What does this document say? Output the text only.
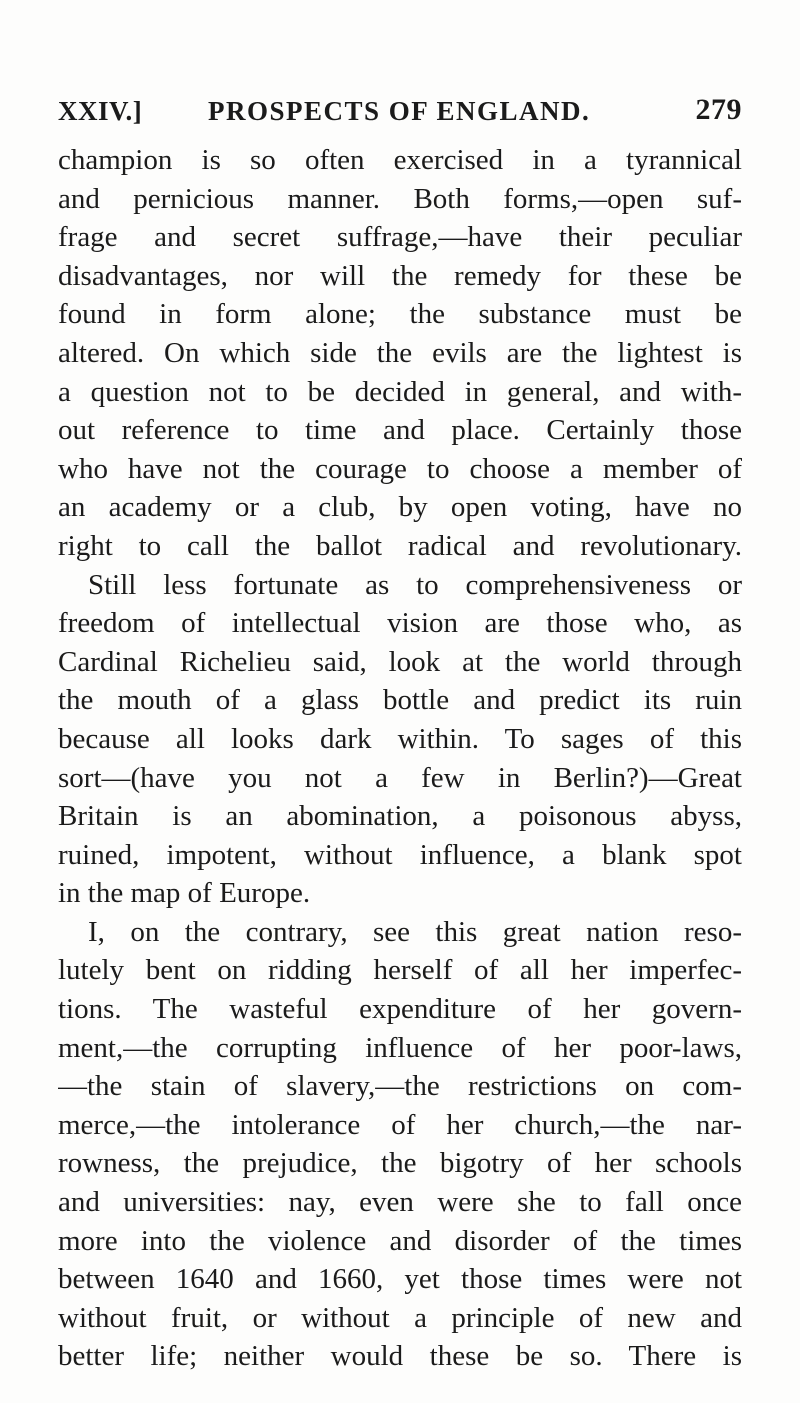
XXIV.] PROSPECTS OF ENGLAND.	279
champion is so often exercised in a tyrannical
and pernicious manner. Both forms,—open suf-
frage and secret suffrage,—have their peculiar
disadvantages, nor will the remedy for these be
found in form alone; the substance must be
altered. On which side the evils are the lightest is
a question not to be decided in general, and with-
out reference to time and place. Certainly those
who have not the courage to choose a member of
an academy or a club, by open voting, have no
right to call the ballot radical and revolutionary.
Still less fortunate as to comprehensiveness or
freedom of intellectual vision are those who, as
Cardinal Richelieu said, look at the world through
the mouth of a glass bottle and predict its ruin
because all looks dark within. To sages of this
sort—(have you not a few in Berlin?)—Great
Britain is an abomination, a poisonous abyss,
ruined, impotent, without influence, a blank spot
in the map of Europe.
I, on the contrary, see this great nation reso-
lutely bent on ridding herself of all her imperfec-
tions. The wasteful expenditure of her govern-
ment,—the corrupting influence of her poor-laws,
—the stain of slavery,—the restrictions on com-
merce,—the intolerance of her church,—the nar-
rowness, the prejudice, the bigotry of her schools
and universities: nay, even were she to fall once
more into the violence and disorder of the times
between 1640 and 1660, yet those times were not
without fruit, or without a principle of new and
better life; neither would these be so. There is
